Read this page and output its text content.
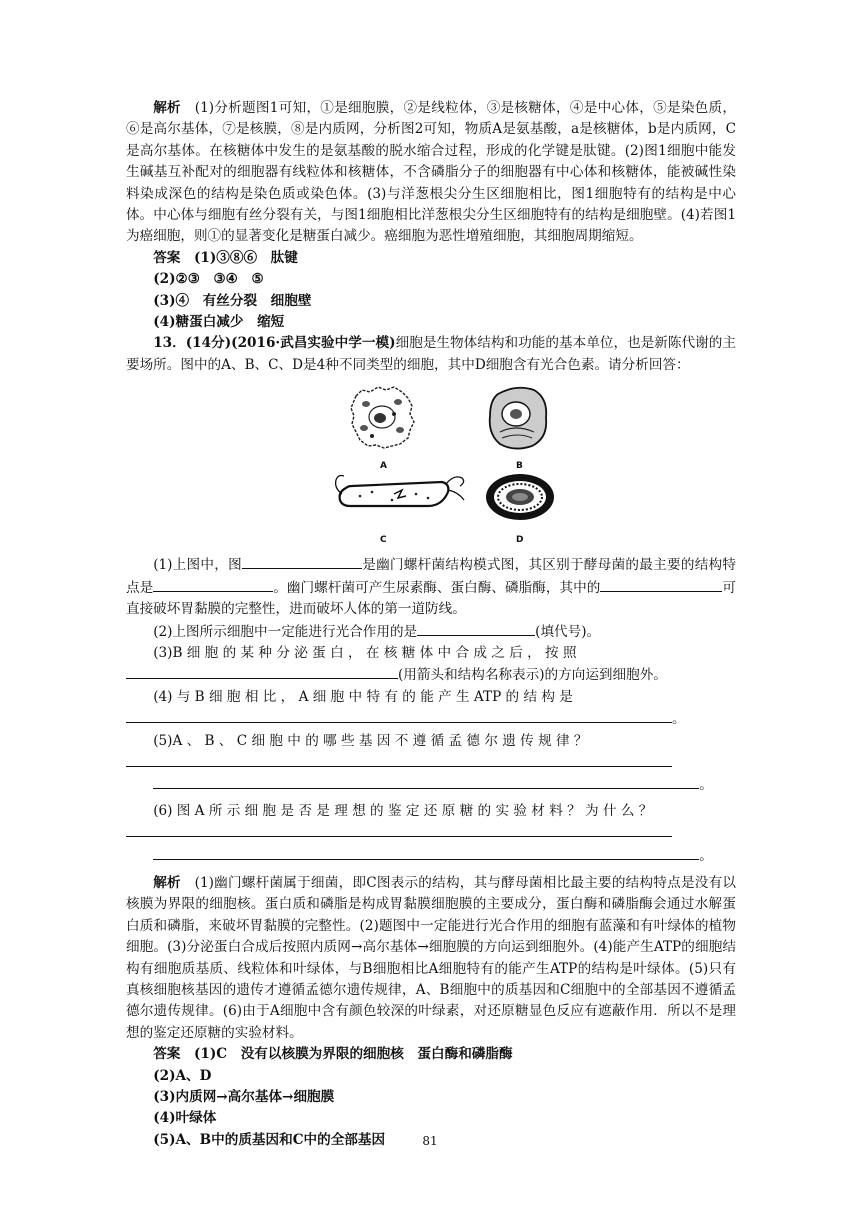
解析　 (1)分析题图1可知，①是细胞膜，②是线粒体，③是核糖体，④是中心体，⑤是染色质，⑥是高尔基体，⑦是核膜，⑧是内质网，分析图2可知，物质A是氨基酸，a是核糖体，b是内质网，C是高尔基体。在核糖体中发生的是氨基酸的脱水缩合过程，形成的化学键是肽键。(2)图1细胞中能发生碱基互补配对的细胞器有线粒体和核糖体，不含磷脂分子的细胞器有中心体和核糖体，能被碱性染料染成深色的结构是染色质或染色体。(3)与洋葱根尖分生区细胞相比，图1细胞特有的结构是中心体。中心体与细胞有丝分裂有关，与图1细胞相比洋葱根尖分生区细胞特有的结构是细胞壁。(4)若图1为癌细胞，则①的显著变化是糖蛋白减少。癌细胞为恶性增殖细胞，其细胞周期缩短。

答案　 (1)③⑧⑥　肽键

(2)②③　③④　⑤

(3)④　有丝分裂　细胞壁

(4)糖蛋白减少　缩短

13．(14分)(2016·武昌实验中学一模)细胞是生物体结构和功能的基本单位，也是新陈代谢的主要场所。图中的A、B、C、D是4种不同类型的细胞，其中D细胞含有光合色素。请分析回答：

A	B
C	D

(1)上图中，图	是幽门螺杆菌结构模式图，其区别于酵母菌的最主要的结构特点是	。幽门螺杆菌可产生尿素酶、蛋白酶、磷脂酶，其中的	可直接破坏胃黏膜的完整性，进而破坏人体的第一道防线。

(2)上图所示细胞中一定能进行光合作用的是	(填代号)。

(3)B 细 胞 的 某 种 分 泌 蛋 白 ， 在 核 糖 体 中 合 成 之 后 ， 按 照

(用箭头和结构名称表示)的方向运到细胞外。

(4) 与 B 细 胞 相 比 ， A 细 胞 中 特 有 的 能 产 生 ATP 的 结 构 是

。

(5)A 、 B 、 C 细 胞 中 的 哪 些 基 因 不 遵 循 孟 德 尔 遗 传 规 律 ？

。

(6) 图 A 所 示 细 胞 是 否 是 理 想 的 鉴 定 还 原 糖 的 实 验 材 料 ？ 为 什 么 ？

。

解析　 (1)幽门螺杆菌属于细菌，即C图表示的结构，其与酵母菌相比最主要的结构特点是没有以核膜为界限的细胞核。蛋白质和磷脂是构成胃黏膜细胞膜的主要成分，蛋白酶和磷脂酶会通过水解蛋白质和磷脂，来破坏胃黏膜的完整性。(2)题图中一定能进行光合作用的细胞有蓝藻和有叶绿体的植物细胞。(3)分泌蛋白合成后按照内质网→高尔基体→细胞膜的方向运到细胞外。(4)能产生ATP的细胞结构有细胞质基质、线粒体和叶绿体，与B细胞相比A细胞特有的能产生ATP的结构是叶绿体。(5)只有真核细胞核基因的遗传才遵循孟德尔遗传规律，A、B细胞中的质基因和C细胞中的全部基因不遵循孟德尔遗传规律。(6)由于A细胞中含有颜色较深的叶绿素，对还原糖显色反应有遮蔽作用．所以不是理想的鉴定还原糖的实验材料。

答案　 (1)C　没有以核膜为界限的细胞核　蛋白酶和磷脂酶

(2)A、D

(3)内质网→高尔基体→细胞膜

(4)叶绿体

(5)A、B中的质基因和C中的全部基因	81
